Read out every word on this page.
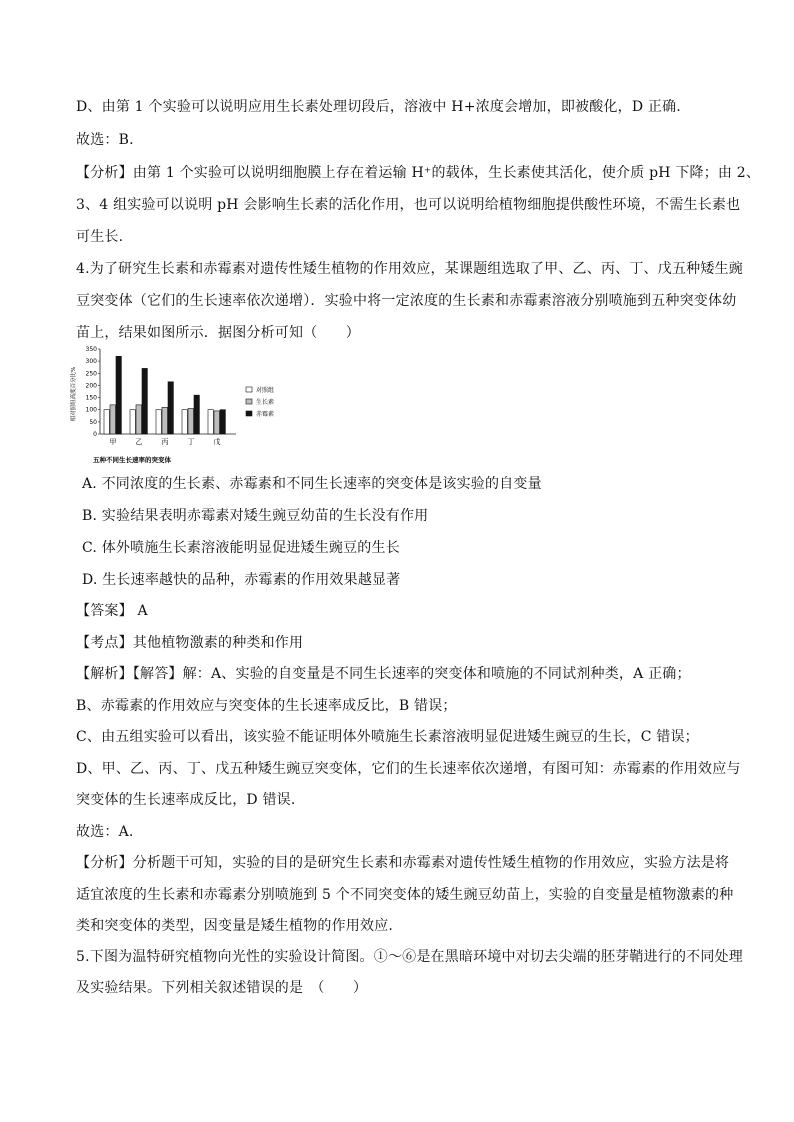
D、由第 1 个实验可以说明应用生长素处理切段后，溶液中 H+浓度会增加，即被酸化，D 正确.
故选：B.
【分析】由第 1 个实验可以说明细胞膜上存在着运输 H⁺的载体，生长素使其活化，使介质 pH 下降；由 2、
3、4 组实验可以说明 pH 会影响生长素的活化作用，也可以说明给植物细胞提供酸性环境，不需生长素也
可生长.
4.为了研究生长素和赤霉素对遗传性矮生植物的作用效应，某课题组选取了甲、乙、丙、丁、戊五种矮生豌
豆突变体（它们的生长速率依次递增）．实验中将一定浓度的生长素和赤霉素溶液分别喷施到五种突变体幼
苗上，结果如图所示．据图分析可知（　　）
相对照组高度百分比%
0
50
100
150
200
250
300
350
甲	乙	丙	丁	戊
对照组
生长素
赤霉素
五种不同生长速率的突变体
A. 不同浓度的生长素、赤霉素和不同生长速率的突变体是该实验的自变量
B. 实验结果表明赤霉素对矮生豌豆幼苗的生长没有作用
C. 体外喷施生长素溶液能明显促进矮生豌豆的生长
D. 生长速率越快的品种，赤霉素的作用效果越显著
【答案】 A
【考点】其他植物激素的种类和作用
【解析】【解答】解：A、实验的自变量是不同生长速率的突变体和喷施的不同试剂种类，A 正确；
B、赤霉素的作用效应与突变体的生长速率成反比，B 错误；
C、由五组实验可以看出，该实验不能证明体外喷施生长素溶液明显促进矮生豌豆的生长，C 错误；
D、甲、乙、丙、丁、戊五种矮生豌豆突变体，它们的生长速率依次递增，有图可知：赤霉素的作用效应与
突变体的生长速率成反比，D 错误.
故选：A.
【分析】分析题干可知，实验的目的是研究生长素和赤霉素对遗传性矮生植物的作用效应，实验方法是将
适宜浓度的生长素和赤霉素分别喷施到 5 个不同突变体的矮生豌豆幼苗上，实验的自变量是植物激素的种
类和突变体的类型，因变量是矮生植物的作用效应.
5.下图为温特研究植物向光性的实验设计简图。①～⑥是在黑暗环境中对切去尖端的胚芽鞘进行的不同处理
及实验结果。下列相关叙述错误的是　（　　）
